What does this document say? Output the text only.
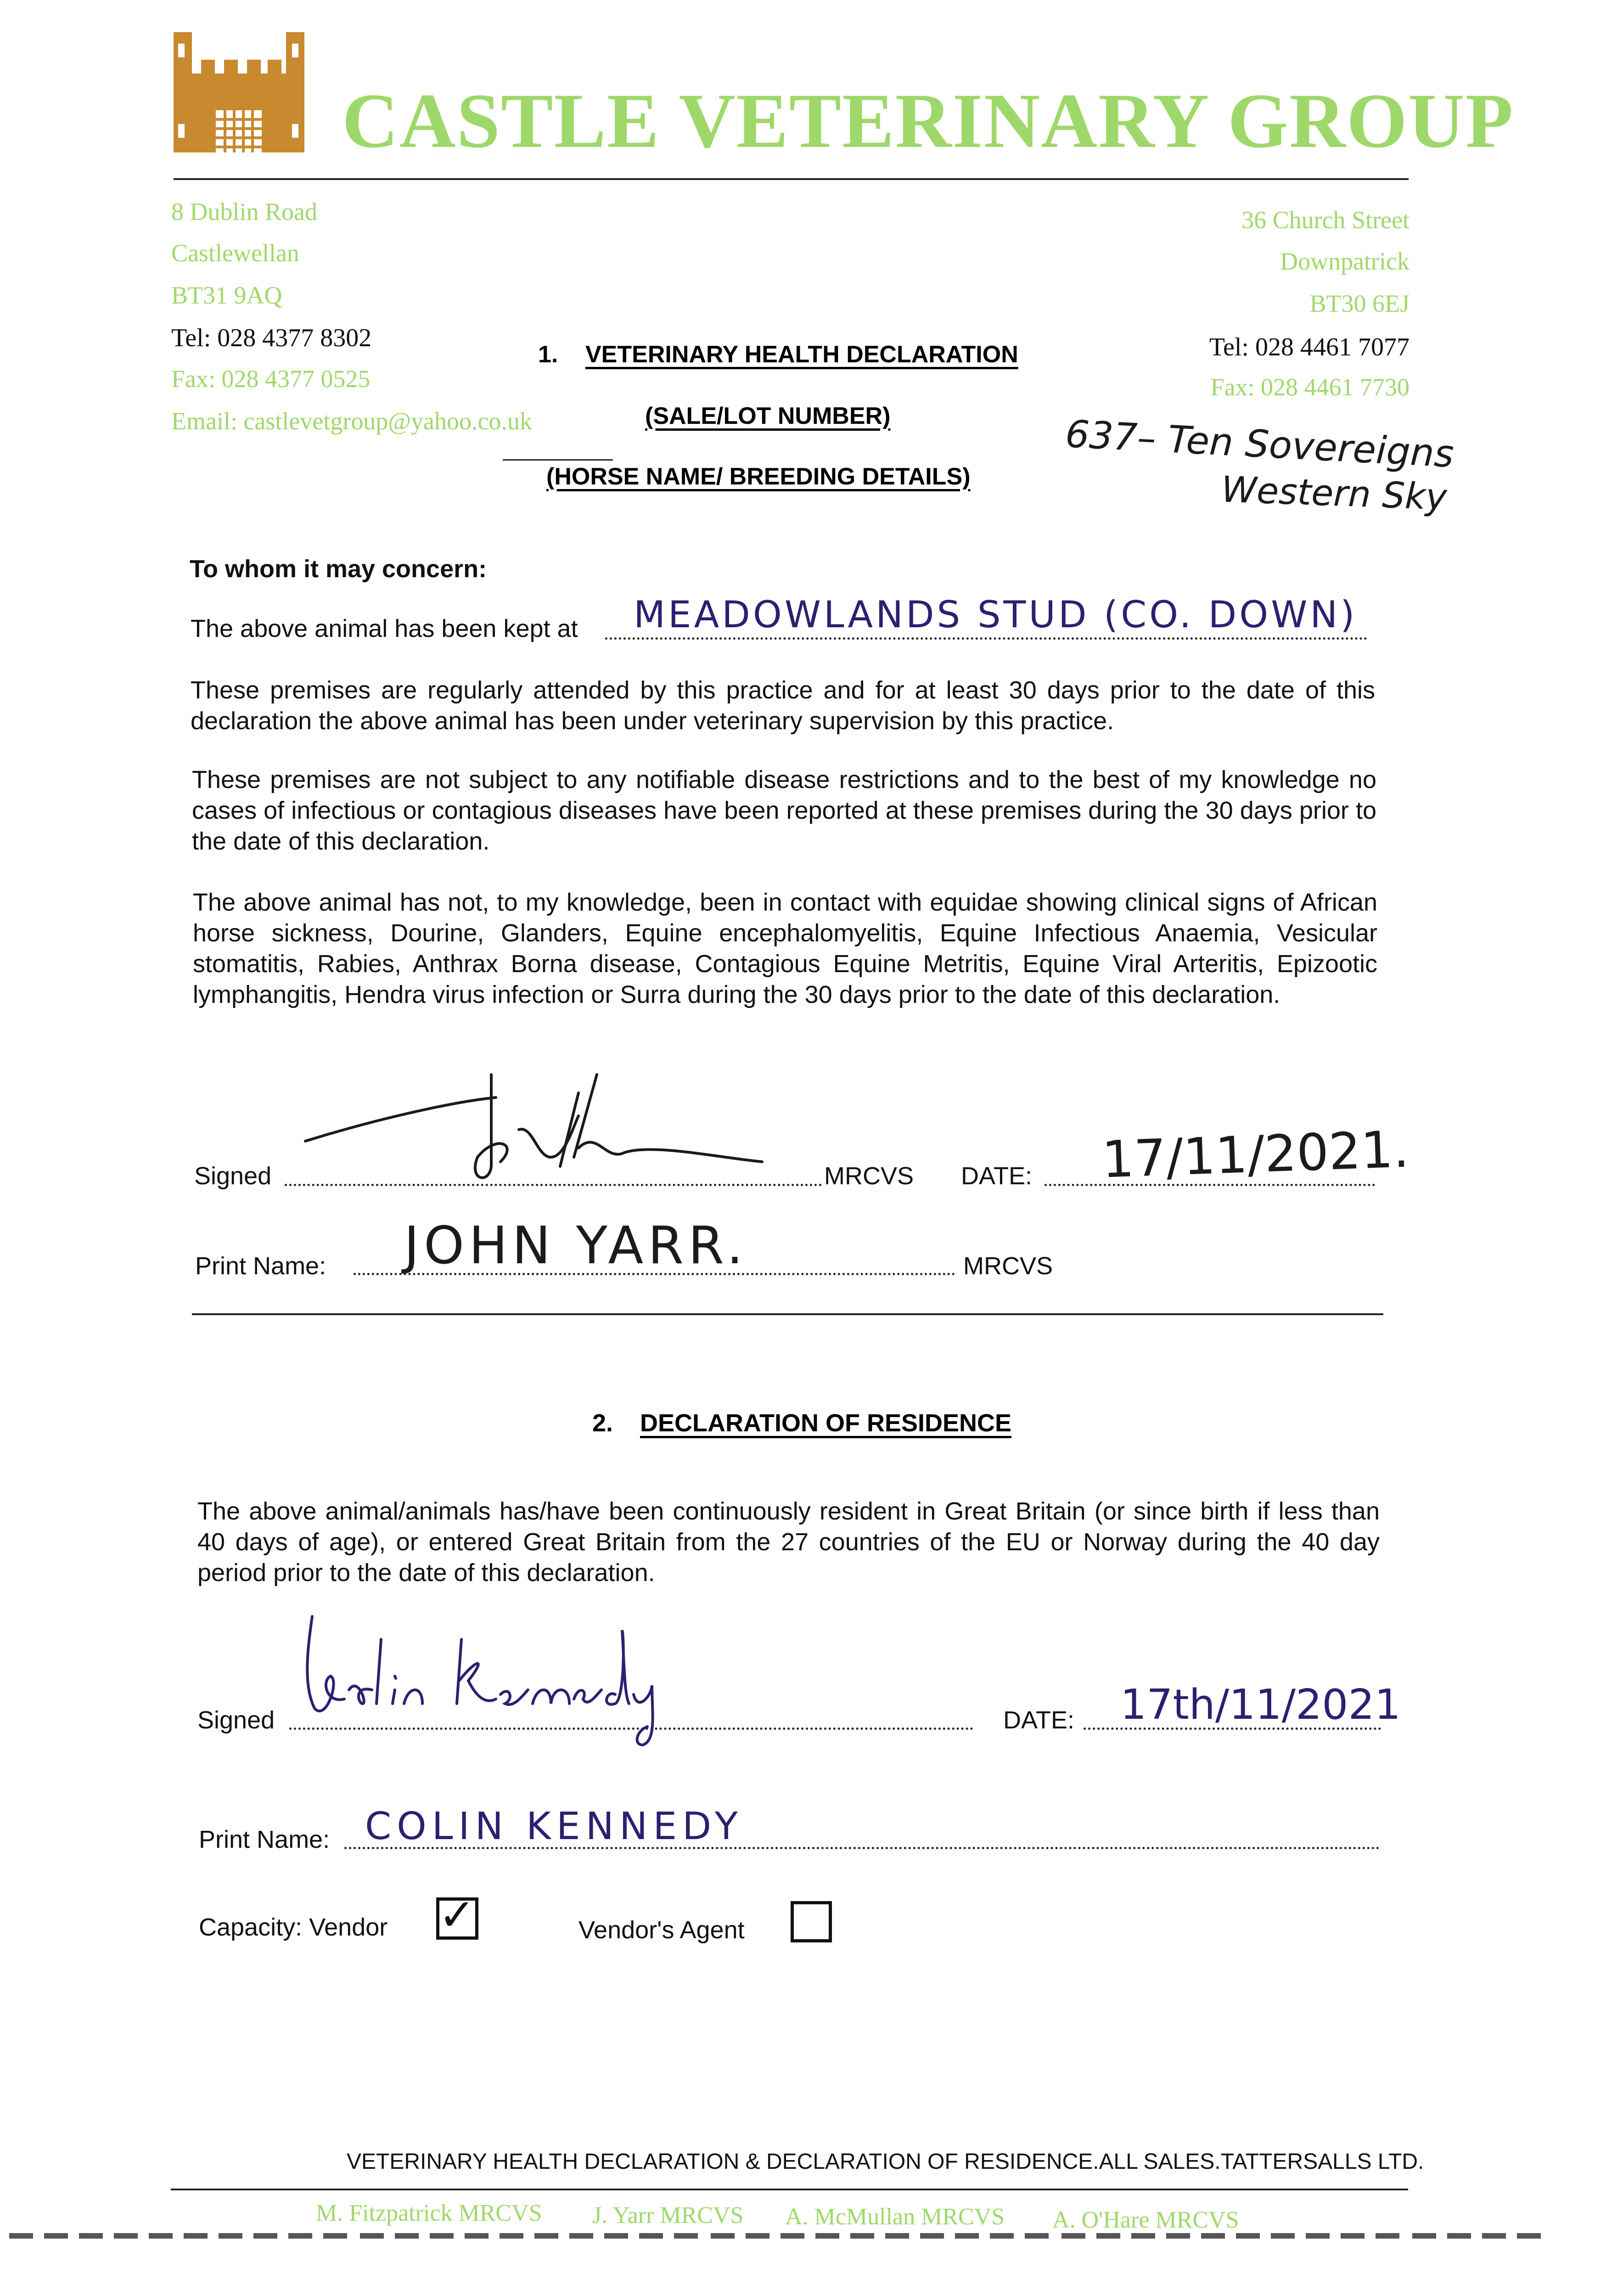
CASTLE VETERINARY GROUP
8 Dublin Road
Castlewellan
BT31 9AQ
Tel: 028 4377 8302
Fax: 028 4377 0525
Email: castlevetgroup@yahoo.co.uk
36 Church Street
Downpatrick
BT30 6EJ
Tel: 028 4461 7077
Fax: 028 4461 7730
1. VETERINARY HEALTH DECLARATION
(SALE/LOT NUMBER)
(HORSE NAME/ BREEDING DETAILS)
637– Ten Sovereigns
Western Sky
To whom it may concern:
The above animal has been kept at MEADOWLANDS STUD (CO. DOWN)
These premises are regularly attended by this practice and for at least 30 days prior to the date of this declaration the above animal has been under veterinary supervision by this practice.
These premises are not subject to any notifiable disease restrictions and to the best of my knowledge no cases of infectious or contagious diseases have been reported at these premises during the 30 days prior to the date of this declaration.
The above animal has not, to my knowledge, been in contact with equidae showing clinical signs of African horse sickness, Dourine, Glanders, Equine encephalomyelitis, Equine Infectious Anaemia, Vesicular stomatitis, Rabies, Anthrax Borna disease, Contagious Equine Metritis, Equine Viral Arteritis, Epizootic lymphangitis, Hendra virus infection or Surra during the 30 days prior to the date of this declaration.
Signed	MRCVS DATE: 17/11/2021.
Print Name: JOHN YARR.	MRCVS
2. DECLARATION OF RESIDENCE
The above animal/animals has/have been continuously resident in Great Britain (or since birth if less than 40 days of age), or entered Great Britain from the 27 countries of the EU or Norway during the 40 day period prior to the date of this declaration.
Signed	DATE: 17th/11/2021
Print Name: COLIN KENNEDY
Capacity: Vendor ✓	Vendor's Agent
VETERINARY HEALTH DECLARATION & DECLARATION OF RESIDENCE.ALL SALES.TATTERSALLS LTD.
M. Fitzpatrick MRCVS J. Yarr MRCVS A. McMullan MRCVS A. O'Hare MRCVS
